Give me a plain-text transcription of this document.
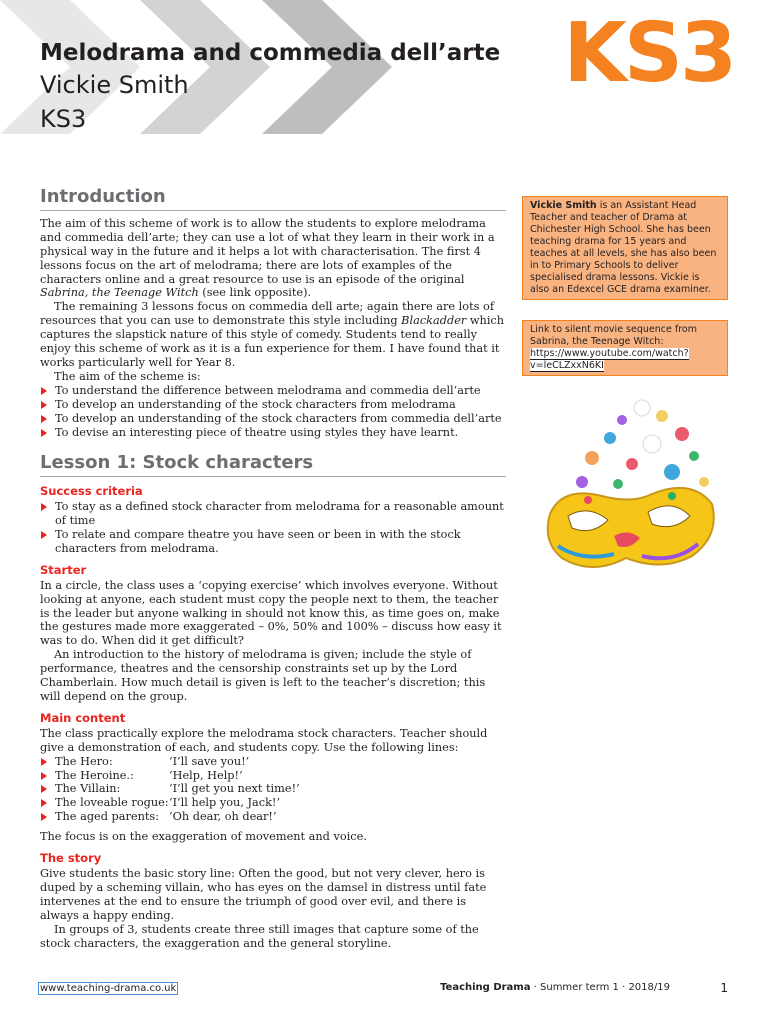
Melodrama and commedia dell’arte
Vickie Smith
KS3
KS3
Introduction

The aim of this scheme of work is to allow the students to explore melodrama and commedia dell’arte; they can use a lot of what they learn in their work in a physical way in the future and it helps a lot with characterisation. The first 4 lessons focus on the art of melodrama; there are lots of examples of the characters online and a great resource to use is an episode of the original Sabrina, the Teenage Witch (see link opposite).

The remaining 3 lessons focus on commedia dell arte; again there are lots of resources that you can use to demonstrate this style including Blackadder which captures the slapstick nature of this style of comedy. Students tend to really enjoy this scheme of work as it is a fun experience for them. I have found that it works particularly well for Year 8.

The aim of the scheme is:

To understand the difference between melodrama and commedia dell’arte
To develop an understanding of the stock characters from melodrama
To develop an understanding of the stock characters from commedia dell’arte
To devise an interesting piece of theatre using styles they have learnt.
Lesson 1: Stock characters
Success criteria
To stay as a defined stock character from melodrama for a reasonable amount of time
To relate and compare theatre you have seen or been in with the stock characters from melodrama.
Starter

In a circle, the class uses a ‘copying exercise’ which involves everyone. Without looking at anyone, each student must copy the people next to them, the teacher is the leader but anyone walking in should not know this, as time goes on, make the gestures made more exaggerated – 0%, 50% and 100% – discuss how easy it was to do. When did it get difficult?

An introduction to the history of melodrama is given; include the style of performance, theatres and the censorship constraints set up by the Lord Chamberlain. How much detail is given is left to the teacher’s discretion; this will depend on the group.

Main content

The class practically explore the melodrama stock characters. Teacher should give a demonstration of each, and students copy. Use the following lines:

The Hero:	‘I’ll save you!’
The Heroine.:	‘Help, Help!’
The Villain:	‘I’ll get you next time!’
The loveable rogue:‘I’ll help you, Jack!’
The aged parents: ‘Oh dear, oh dear!’

The focus is on the exaggeration of movement and voice.

The story

Give students the basic story line: Often the good, but not very clever, hero is duped by a scheming villain, who has eyes on the damsel in distress until fate intervenes at the end to ensure the triumph of good over evil, and there is always a happy ending.

In groups of 3, students create three still images that capture some of the stock characters, the exaggeration and the general storyline.

Vickie Smith is an Assistant Head Teacher and teacher of Drama at Chichester High School. She has been teaching drama for 15 years and teaches at all levels, she has also been in to Primary Schools to deliver specialised drama lessons. Vickie is also an Edexcel GCE drama examiner.
Link to silent movie sequence from Sabrina, the Teenage Witch:
https://www.youtube.com/watch?v=leCLZxxN6KI
www.teaching-drama.co.uk	Teaching Drama · Summer term 1 · 2018/19	1
